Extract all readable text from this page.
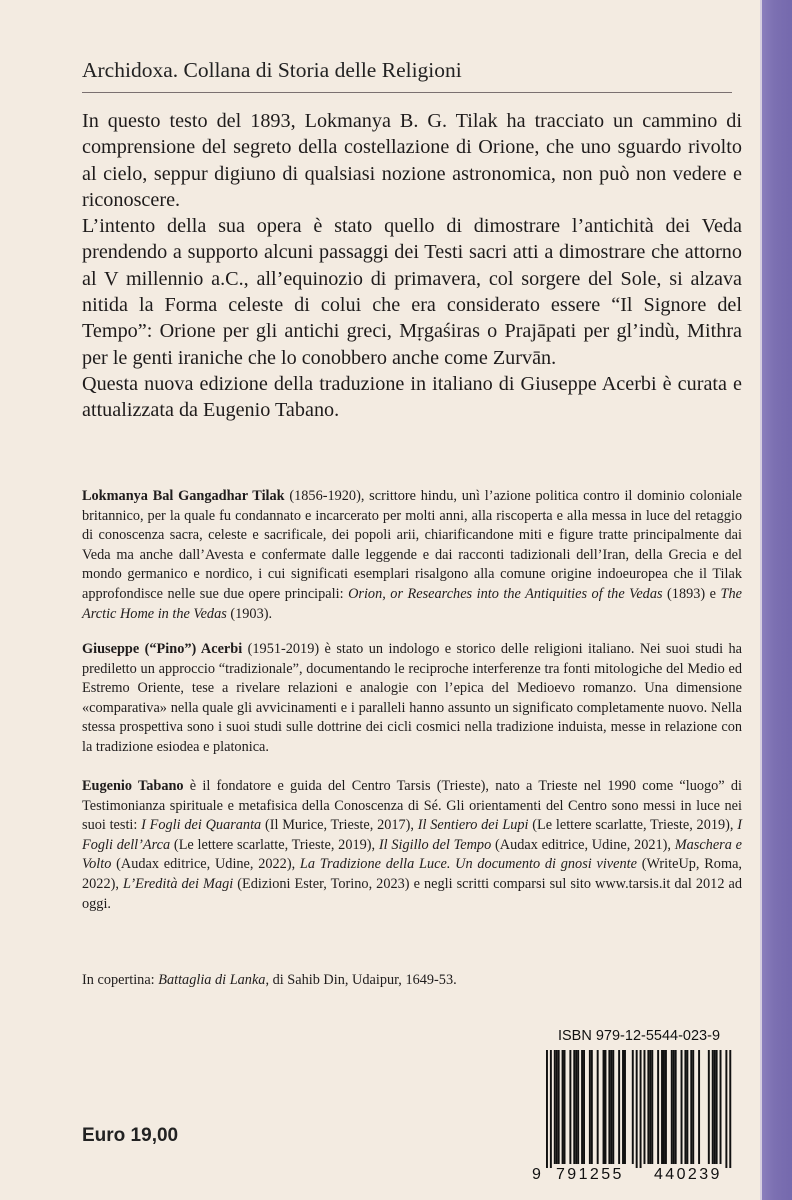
Archidoxa. Collana di Storia delle Religioni

In questo testo del 1893, Lokmanya B. G. Tilak ha tracciato un cammino di comprensione del segreto della costellazione di Orione, che uno sguardo rivolto al cielo, seppur digiuno di qualsiasi nozione astronomica, non può non vedere e riconoscere.

L’intento della sua opera è stato quello di dimostrare l’antichità dei Veda prendendo a supporto alcuni passaggi dei Testi sacri atti a dimostrare che attorno al V millennio a.C., all’equinozio di primavera, col sorgere del Sole, si alzava nitida la Forma celeste di colui che era considerato essere “Il Signore del Tempo”: Orione per gli antichi greci, Mṛgaśiras o Prajāpati per gl’indù, Mithra per le genti iraniche che lo conobbero anche come Zurvān.

Questa nuova edizione della traduzione in italiano di Giuseppe Acerbi è curata e attualizzata da Eugenio Tabano.

Lokmanya Bal Gangadhar Tilak (1856-1920), scrittore hindu, unì l’azione politica contro il dominio coloniale britannico, per la quale fu condannato e incarcerato per molti anni, alla riscoperta e alla messa in luce del retaggio di conoscenza sacra, celeste e sacrificale, dei popoli arii, chiarificandone miti e figure tratte principalmente dai Veda ma anche dall’Avesta e confermate dalle leggende e dai racconti tadizionali dell’Iran, della Grecia e del mondo germanico e nordico, i cui significati esemplari risalgono alla comune origine indoeuropea che il Tilak approfondisce nelle sue due opere principali: Orion, or Researches into the Antiquities of the Vedas (1893) e The Arctic Home in the Vedas (1903).
Giuseppe (“Pino”) Acerbi (1951-2019) è stato un indologo e storico delle religioni italiano. Nei suoi studi ha prediletto un approccio “tradizionale”, documentando le reciproche interferenze tra fonti mitologiche del Medio ed Estremo Oriente, tese a rivelare relazioni e analogie con l’epica del Medioevo romanzo. Una dimensione «comparativa» nella quale gli avvicinamenti e i paralleli hanno assunto un significato completamente nuovo. Nella stessa prospettiva sono i suoi studi sulle dottrine dei cicli cosmici nella tradizione induista, messe in relazione con la tradizione esiodea e platonica.
Eugenio Tabano è il fondatore e guida del Centro Tarsis (Trieste), nato a Trieste nel 1990 come “luogo” di Testimonianza spirituale e metafisica della Conoscenza di Sé. Gli orientamenti del Centro sono messi in luce nei suoi testi: I Fogli dei Quaranta (Il Murice, Trieste, 2017), Il Sentiero dei Lupi (Le lettere scarlatte, Trieste, 2019), I Fogli dell’Arca (Le lettere scarlatte, Trieste, 2019), Il Sigillo del Tempo (Audax editrice, Udine, 2021), Maschera e Volto (Audax editrice, Udine, 2022), La Tradizione della Luce. Un documento di gnosi vivente (WriteUp, Roma, 2022), L’Eredità dei Magi (Edizioni Ester, Torino, 2023) e negli scritti comparsi sul sito www.tarsis.it dal 2012 ad oggi.
In copertina: Battaglia di Lanka, di Sahib Din, Udaipur, 1649-53.
Euro 19,00
ISBN 979-12-5544-023-9
9 791255 440239
